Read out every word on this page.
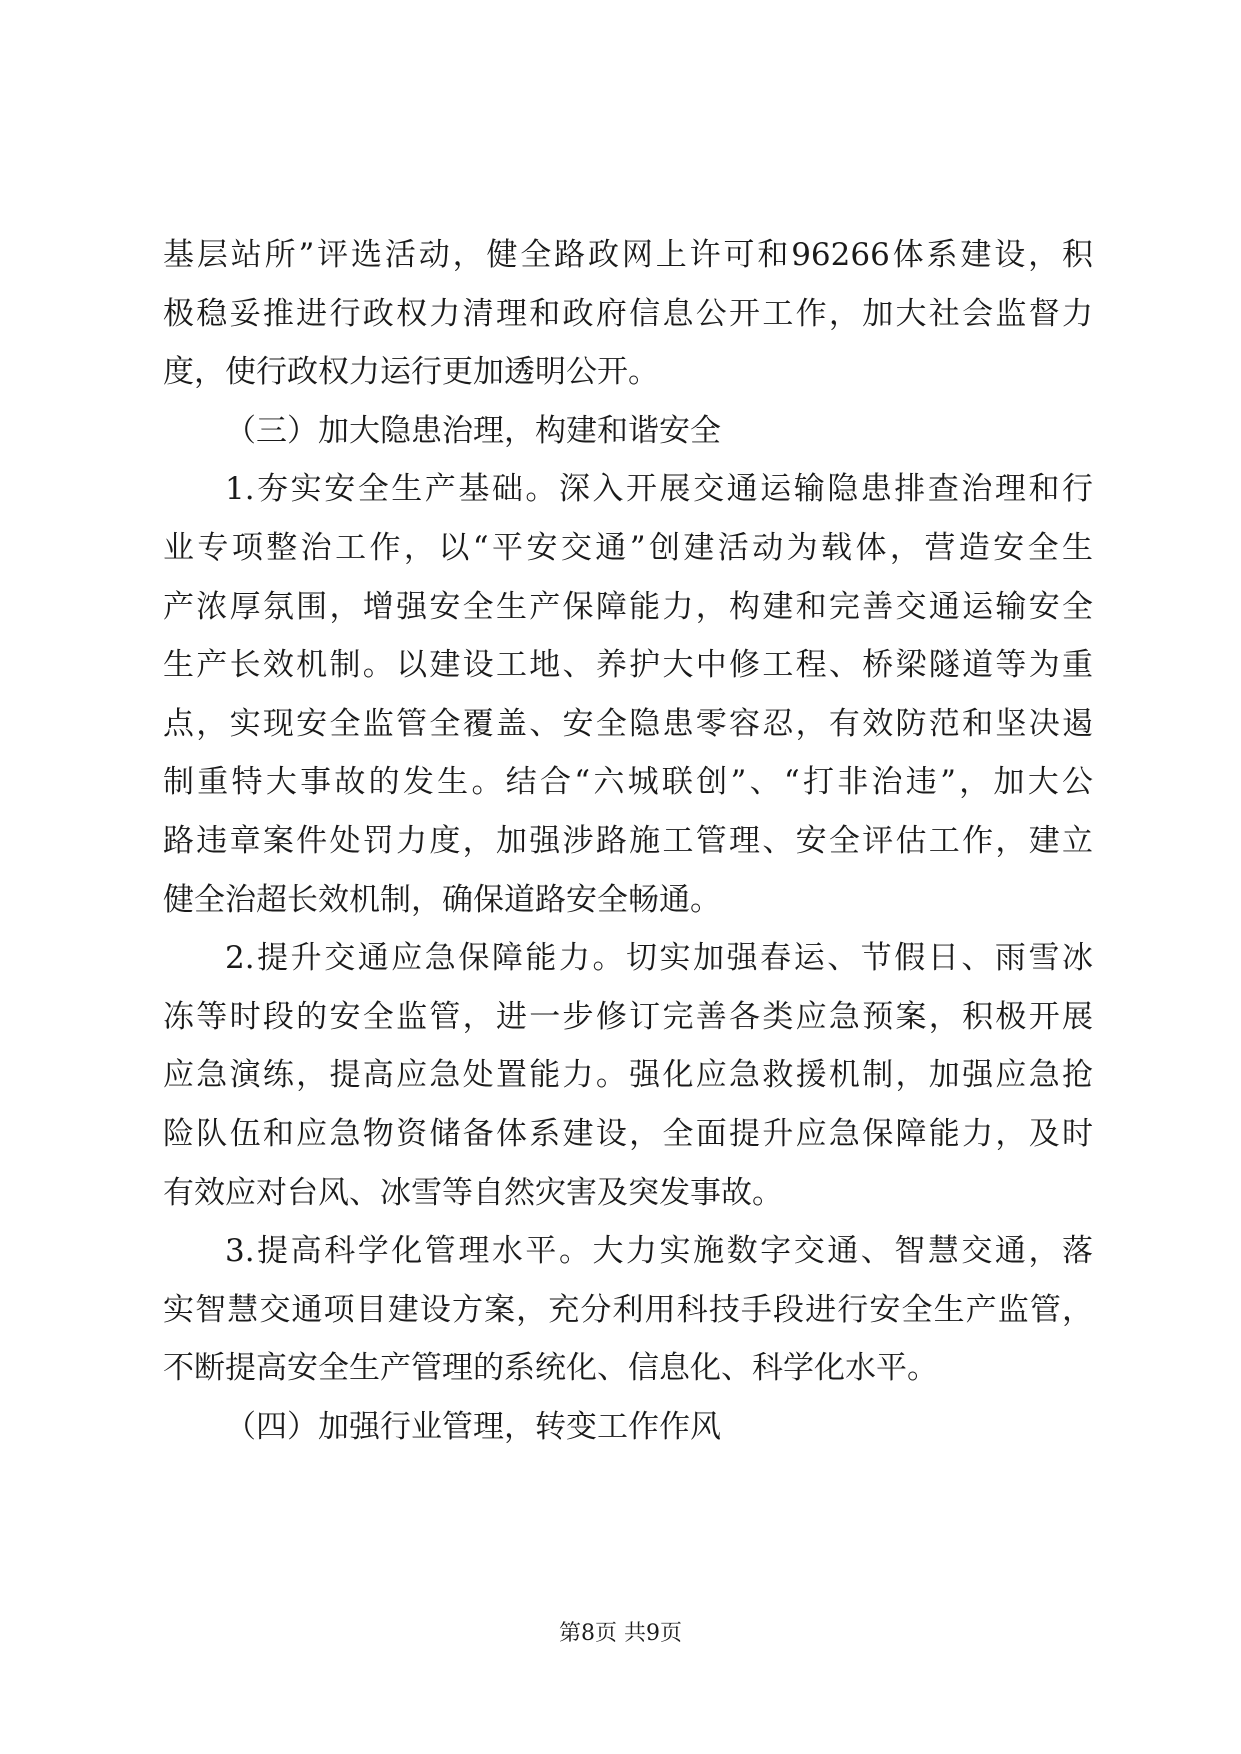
基层站所”评选活动，健全路政网上许可和96266体系建设，积
极稳妥推进行政权力清理和政府信息公开工作，加大社会监督力
度，使行政权力运行更加透明公开。
（三）加大隐患治理，构建和谐安全
1.夯实安全生产基础。深入开展交通运输隐患排查治理和行
业专项整治工作，以“平安交通”创建活动为载体，营造安全生
产浓厚氛围，增强安全生产保障能力，构建和完善交通运输安全
生产长效机制。以建设工地、养护大中修工程、桥梁隧道等为重
点，实现安全监管全覆盖、安全隐患零容忍，有效防范和坚决遏
制重特大事故的发生。结合“六城联创”、“打非治违”，加大公
路违章案件处罚力度，加强涉路施工管理、安全评估工作，建立
健全治超长效机制，确保道路安全畅通。
2.提升交通应急保障能力。切实加强春运、节假日、雨雪冰
冻等时段的安全监管，进一步修订完善各类应急预案，积极开展
应急演练，提高应急处置能力。强化应急救援机制，加强应急抢
险队伍和应急物资储备体系建设，全面提升应急保障能力，及时
有效应对台风、冰雪等自然灾害及突发事故。
3.提高科学化管理水平。大力实施数字交通、智慧交通，落
实智慧交通项目建设方案，充分利用科技手段进行安全生产监管，
不断提高安全生产管理的系统化、信息化、科学化水平。
（四）加强行业管理，转变工作作风
第8页 共9页
